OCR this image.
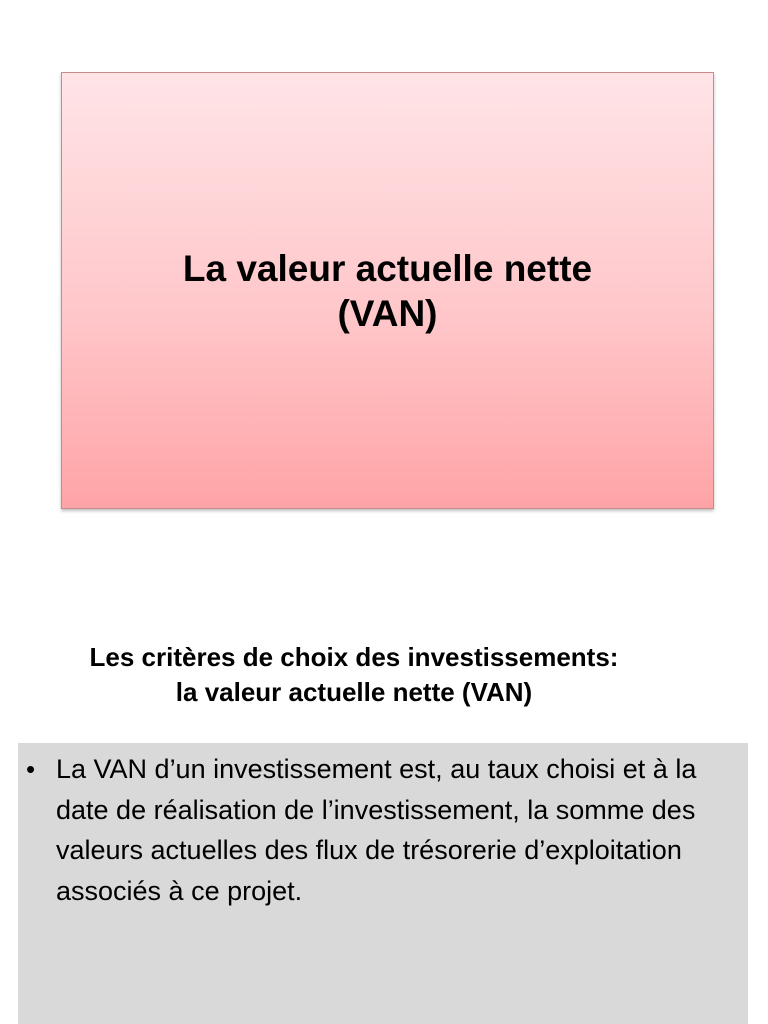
La valeur actuelle nette
(VAN)
Les critères de choix des investissements:
la valeur actuelle nette (VAN)
• La VAN d’un investissement est, au taux choisi et à la date de réalisation de l’investissement, la somme des valeurs actuelles des flux de trésorerie d’exploitation associés à ce projet.
